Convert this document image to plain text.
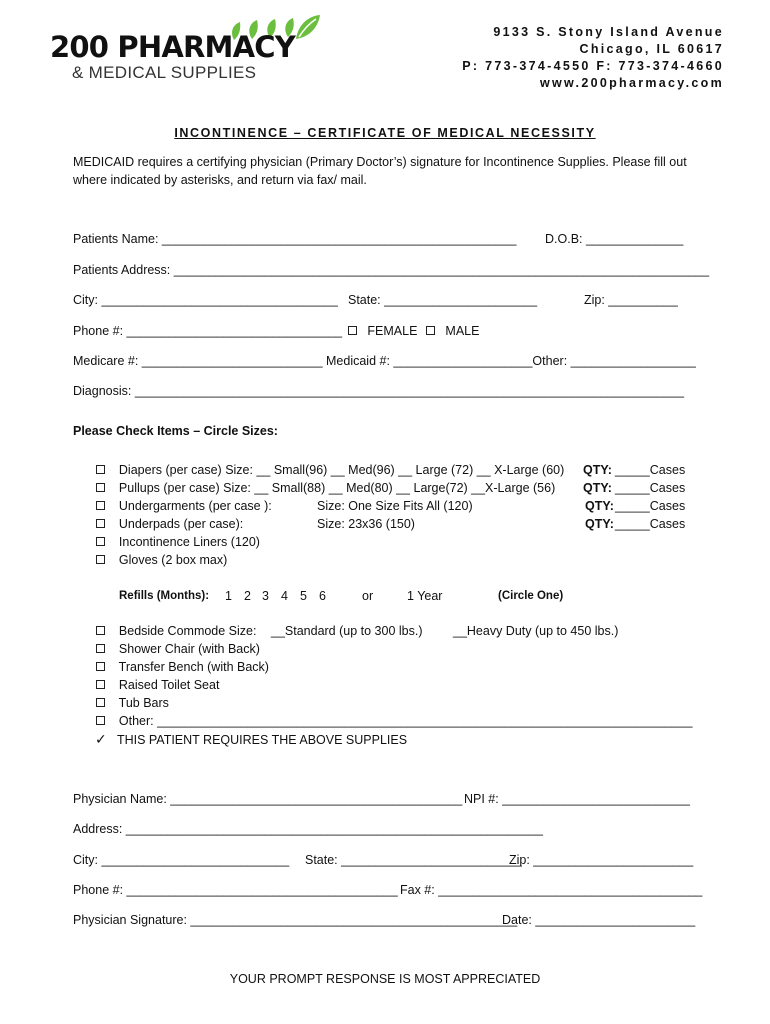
200 PHARMACY
& MEDICAL SUPPLIES
9133 S. Stony Island Avenue
Chicago, IL 60617
P: 773-374-4550 F: 773-374-4660
www.200pharmacy.com
INCONTINENCE – CERTIFICATE OF MEDICAL NECESSITY
MEDICAID requires a certifying physician (Primary Doctor’s) signature for Incontinence Supplies. Please fill out
where indicated by asterisks, and return via fax/ mail.
Patients Name: ___________________________________________________ D.O.B: ______________
Patients Address: _____________________________________________________________________________
City: __________________________________ State: ______________________	Zip: __________
Phone #: _______________________________	FEMALE	MALE
Medicare #: __________________________ Medicaid #: ____________________Other: __________________
Diagnosis: _______________________________________________________________________________
Please Check Items – Circle Sizes:
Diapers (per case) Size: __ Small(96) __ Med(96) __ Large (72) __ X-Large (60) QTY: _____Cases
Pullups (per case) Size: __ Small(88) __ Med(80) __ Large(72) __X-Large (56) QTY: _____Cases
Undergarments (per case ):	Size: One Size Fits All (120)	QTY: _____Cases
Underpads (per case):	Size: 23x36 (150)	QTY: _____Cases
Incontinence Liners (120)
Gloves (2 box max)
Refills (Months): 1 2 3 4 5 6	or	1 Year	(Circle One)
Bedside Commode Size: __Standard (up to 300 lbs.) __Heavy Duty (up to 450 lbs.)
Shower Chair (with Back)
Transfer Bench (with Back)
Raised Toilet Seat
Tub Bars
Other: _____________________________________________________________________________
✓ THIS PATIENT REQUIRES THE ABOVE SUPPLIES
Physician Name: __________________________________________ NPI #: ___________________________
Address: ____________________________________________________________
City: ___________________________ State: __________________________
Zip: _______________________
Phone #: _______________________________________ Fax #: ______________________________________
Physician Signature: _______________________________________________
Date: _______________________
YOUR PROMPT RESPONSE IS MOST APPRECIATED
